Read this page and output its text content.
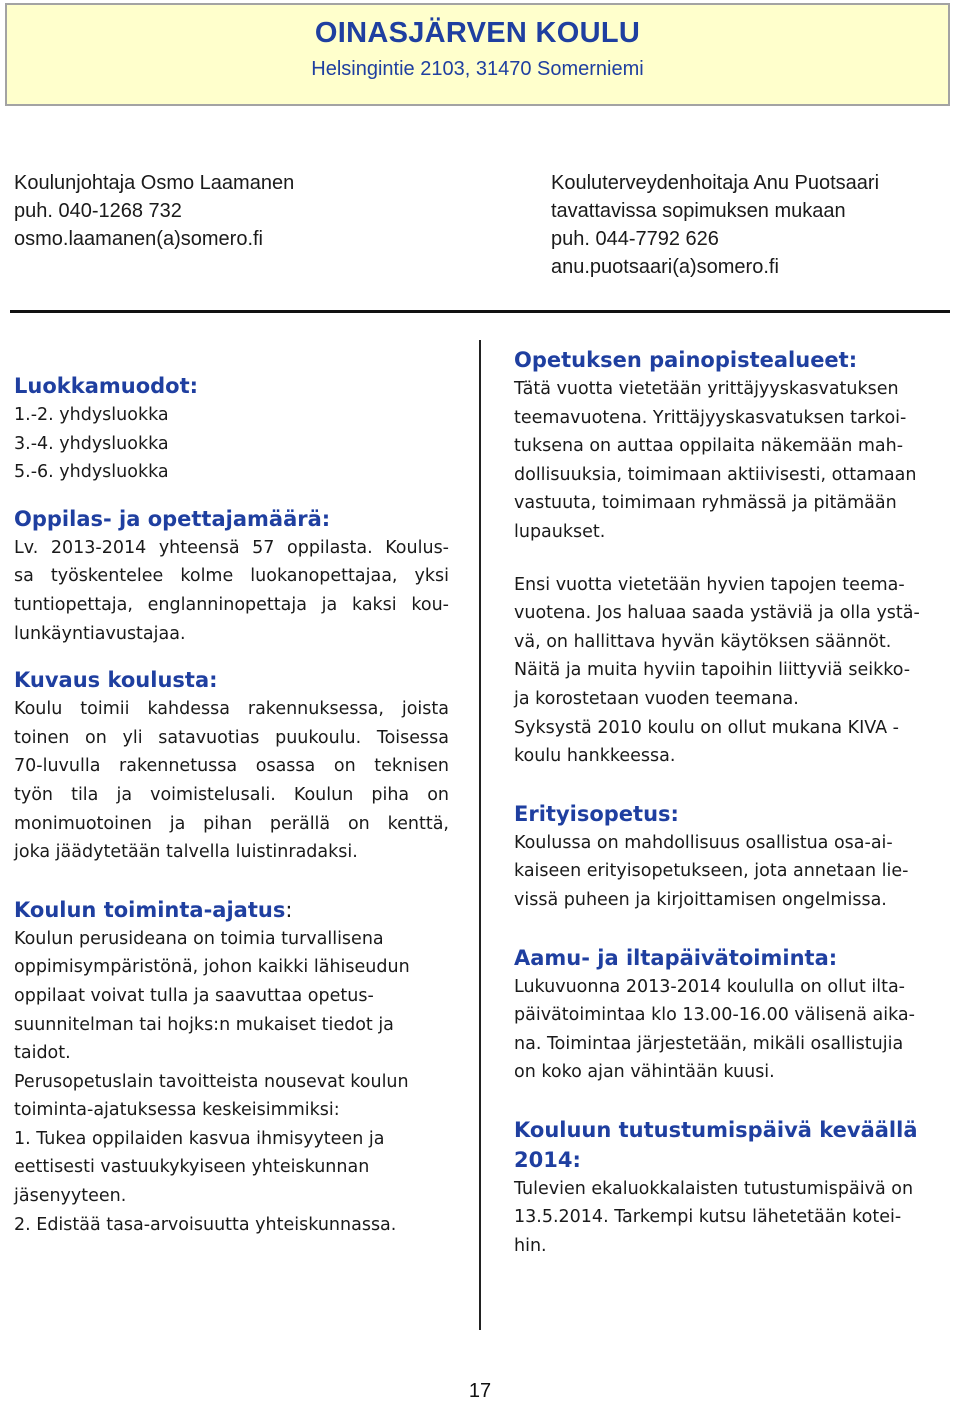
OINASJÄRVEN KOULU
Helsingintie 2103, 31470 Somerniemi
Koulunjohtaja Osmo Laamanen
puh. 040-1268 732
osmo.laamanen(a)somero.fi
Kouluterveydenhoitaja Anu Puotsaari
tavattavissa sopimuksen mukaan
puh. 044-7792 626
anu.puotsaari(a)somero.fi
Luokkamuodot:

1.-2. yhdysluokka
3.-4. yhdysluokka
5.-6. yhdysluokka

Oppilas- ja opettajamäärä:

Lv. 2013-2014 yhteensä 57 oppilasta. Koulus-
sa työskentelee kolme luokanopettajaa, yksi
tuntiopettaja, englanninopettaja ja kaksi kou-
lunkäyntiavustajaa.

Kuvaus koulusta:

Koulu toimii kahdessa rakennuksessa, joista
toinen on yli satavuotias puukoulu. Toisessa
70-luvulla rakennetussa osassa on teknisen
työn tila ja voimistelusali. Koulun piha on
monimuotoinen ja pihan perällä on kenttä,
joka jäädytetään talvella luistinradaksi.

Koulun toiminta-ajatus:

Koulun perusideana on toimia turvallisena
oppimisympäristönä, johon kaikki lähiseudun
oppilaat voivat tulla ja saavuttaa opetus-
suunnitelman tai hojks:n mukaiset tiedot ja
taidot.
Perusopetuslain tavoitteista nousevat koulun
toiminta-ajatuksessa keskeisimmiksi:
1. Tukea oppilaiden kasvua ihmisyyteen ja
eettisesti vastuukykyiseen yhteiskunnan
jäsenyyteen.
2. Edistää tasa-arvoisuutta yhteiskunnassa.

Opetuksen painopistealueet:

Tätä vuotta vietetään yrittäjyyskasvatuksen
teemavuotena. Yrittäjyyskasvatuksen tarkoi-
tuksena on auttaa oppilaita näkemään mah-
dollisuuksia, toimimaan aktiivisesti, ottamaan
vastuuta, toimimaan ryhmässä ja pitämään
lupaukset.

Ensi vuotta vietetään hyvien tapojen teema-
vuotena. Jos haluaa saada ystäviä ja olla ystä-
vä, on hallittava hyvän käytöksen säännöt.
Näitä ja muita hyviin tapoihin liittyviä seikko-
ja korostetaan vuoden teemana.
Syksystä 2010 koulu on ollut mukana KIVA -
koulu hankkeessa.

Erityisopetus:

Koulussa on mahdollisuus osallistua osa-ai-
kaiseen erityisopetukseen, jota annetaan lie-
vissä puheen ja kirjoittamisen ongelmissa.

Aamu- ja iltapäivätoiminta:

Lukuvuonna 2013-2014 koululla on ollut ilta-
päivätoimintaa klo 13.00-16.00 välisenä aika-
na. Toimintaa järjestetään, mikäli osallistujia
on koko ajan vähintään kuusi.

Kouluun tutustumispäivä keväällä
2014:

Tulevien ekaluokkalaisten tutustumispäivä on
13.5.2014. Tarkempi kutsu lähetetään kotei-
hin.

17
